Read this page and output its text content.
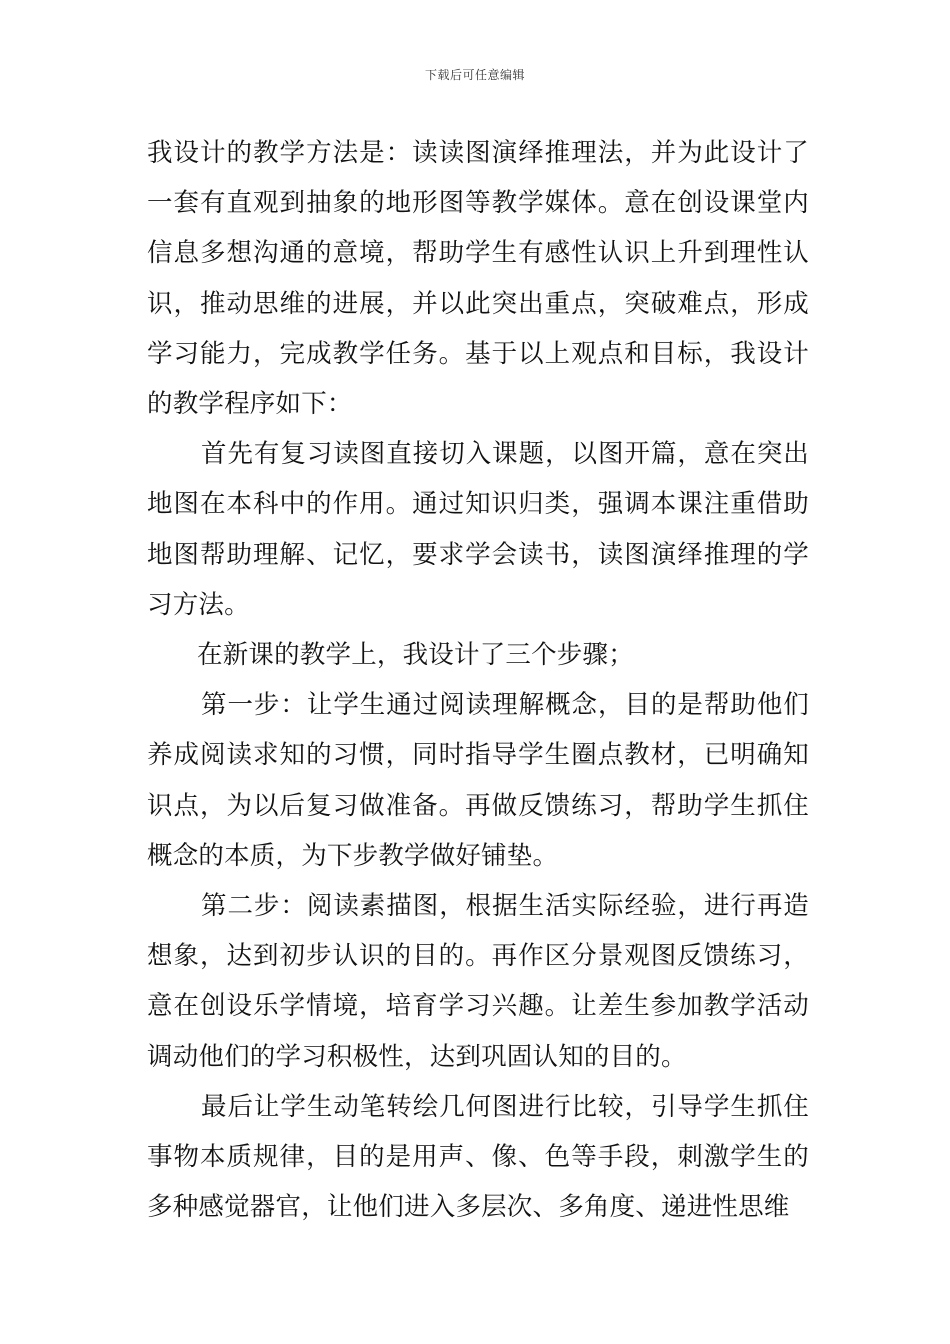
下载后可任意编辑

我设计的教学方法是：读读图演绎推理法，并为此设计了一套有直观到抽象的地形图等教学媒体。意在创设课堂内信息多想沟通的意境，帮助学生有感性认识上升到理性认识，推动思维的进展，并以此突出重点，突破难点，形成学习能力，完成教学任务。基于以上观点和目标，我设计的教学程序如下：

首先有复习读图直接切入课题，以图开篇，意在突出地图在本科中的作用。通过知识归类，强调本课注重借助地图帮助理解、记忆，要求学会读书，读图演绎推理的学习方法。

在新课的教学上，我设计了三个步骤；

第一步：让学生通过阅读理解概念，目的是帮助他们养成阅读求知的习惯，同时指导学生圈点教材，已明确知识点，为以后复习做准备。再做反馈练习，帮助学生抓住概念的本质，为下步教学做好铺垫。

第二步：阅读素描图，根据生活实际经验，进行再造想象，达到初步认识的目的。再作区分景观图反馈练习，意在创设乐学情境，培育学习兴趣。让差生参加教学活动调动他们的学习积极性，达到巩固认知的目的。

最后让学生动笔转绘几何图进行比较，引导学生抓住事物本质规律，目的是用声、像、色等手段，刺激学生的多种感觉器官，让他们进入多层次、多角度、递进性思维
